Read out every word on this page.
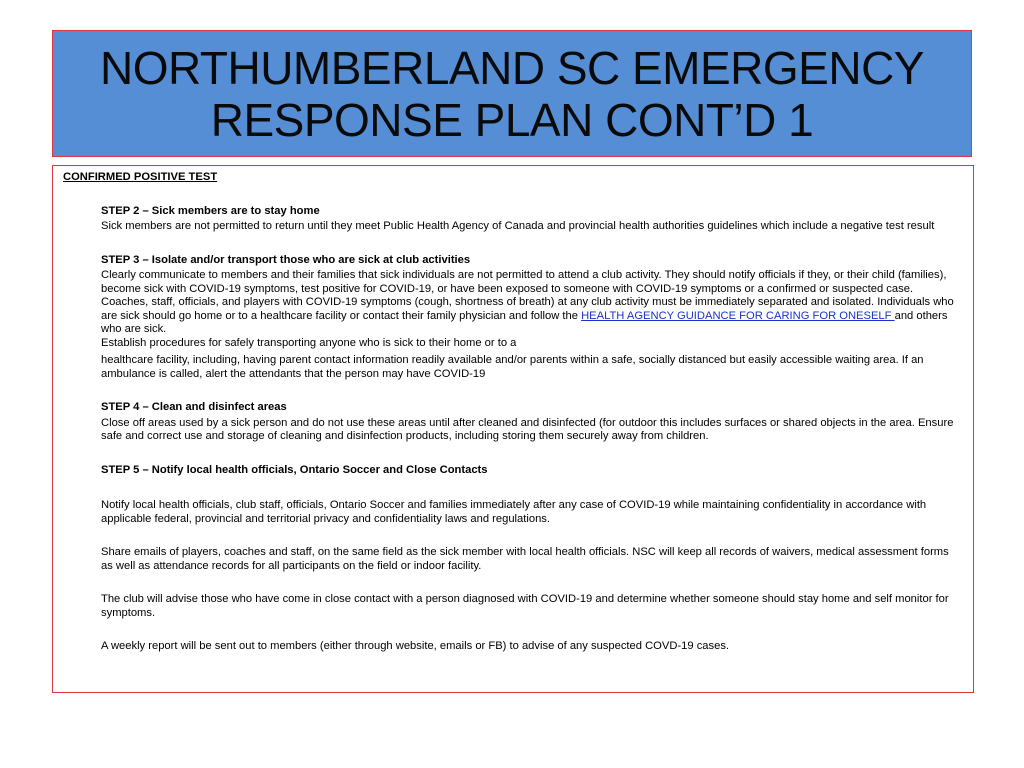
NORTHUMBERLAND SC EMERGENCY
RESPONSE PLAN CONT’D 1
CONFIRMED POSITIVE TEST
STEP 2 – Sick members are to stay home

Sick members are not permitted to return until they meet Public Health Agency of Canada and provincial health authorities guidelines which include a negative test result

STEP 3 – Isolate and/or transport those who are sick at club activities

Clearly communicate to members and their families that sick individuals are not permitted to attend a club activity. They should notify officials if they, or their child (families), become sick with COVID-19 symptoms, test positive for COVID-19, or have been exposed to someone with COVID-19 symptoms or a confirmed or suspected case. Coaches, staff, officials, and players with COVID-19 symptoms (cough, shortness of breath) at any club activity must be immediately separated and isolated. Individuals who are sick should go home or to a healthcare facility or contact their family physician and follow the HEALTH AGENCY GUIDANCE FOR CARING FOR ONESELF and others who are sick.

Establish procedures for safely transporting anyone who is sick to their home or to a

healthcare facility, including, having parent contact information readily available and/or parents within a safe, socially distanced but easily accessible waiting area. If an ambulance is called, alert the attendants that the person may have COVID-19

STEP 4 – Clean and disinfect areas

Close off areas used by a sick person and do not use these areas until after cleaned and disinfected (for outdoor this includes surfaces or shared objects in the area. Ensure safe and correct use and storage of cleaning and disinfection products, including storing them securely away from children.

STEP 5 – Notify local health officials, Ontario Soccer and Close Contacts

Notify local health officials, club staff, officials, Ontario Soccer and families immediately after any case of COVID-19 while maintaining confidentiality in accordance with applicable federal, provincial and territorial privacy and confidentiality laws and regulations.

Share emails of players, coaches and staff, on the same field as the sick member with local health officials. NSC will keep all records of waivers, medical assessment forms as well as attendance records for all participants on the field or indoor facility.

The club will advise those who have come in close contact with a person diagnosed with COVID-19 and determine whether someone should stay home and self monitor for symptoms.

A weekly report will be sent out to members (either through website, emails or FB) to advise of any suspected COVD-19 cases.
